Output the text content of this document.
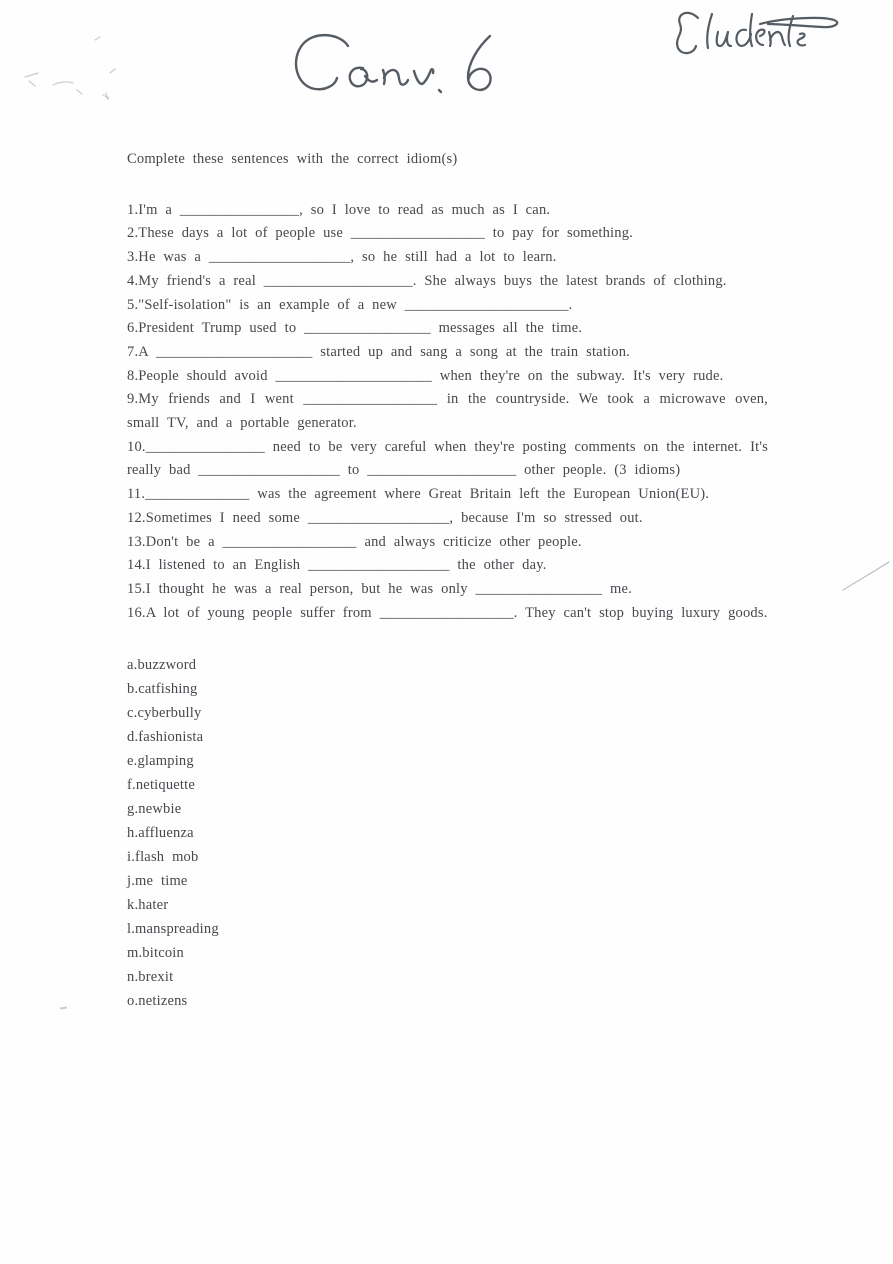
Complete these sentences with the correct idiom(s)

1.I'm a ________________, so I love to read as much as I can.

2.These days a lot of people use __________________ to pay for something.

3.He was a ___________________, so he still had a lot to learn.

4.My friend's a real ____________________. She always buys the latest brands of clothing.

5."Self-isolation" is an example of a new ______________________.

6.President Trump used to _________________ messages all the time.

7.A _____________________ started up and sang a song at the train station.

8.People should avoid _____________________ when they're on the subway. It's very rude.

9.My friends and I went __________________ in the countryside. We took a microwave oven, small TV, and a portable generator.

10.________________ need to be very careful when they're posting comments on the internet. It's really bad ___________________ to ____________________ other people. (3 idioms)

11.______________ was the agreement where Great Britain left the European Union(EU).

12.Sometimes I need some ___________________, because I'm so stressed out.

13.Don't be a __________________ and always criticize other people.

14.I listened to an English ___________________ the other day.

15.I thought he was a real person, but he was only _________________ me.

16.A lot of young people suffer from __________________. They can't stop buying luxury goods.

a.buzzword

b.catfishing

c.cyberbully

d.fashionista

e.glamping

f.netiquette

g.newbie

h.affluenza

i.flash mob

j.me time

k.hater

l.manspreading

m.bitcoin

n.brexit

o.netizens
